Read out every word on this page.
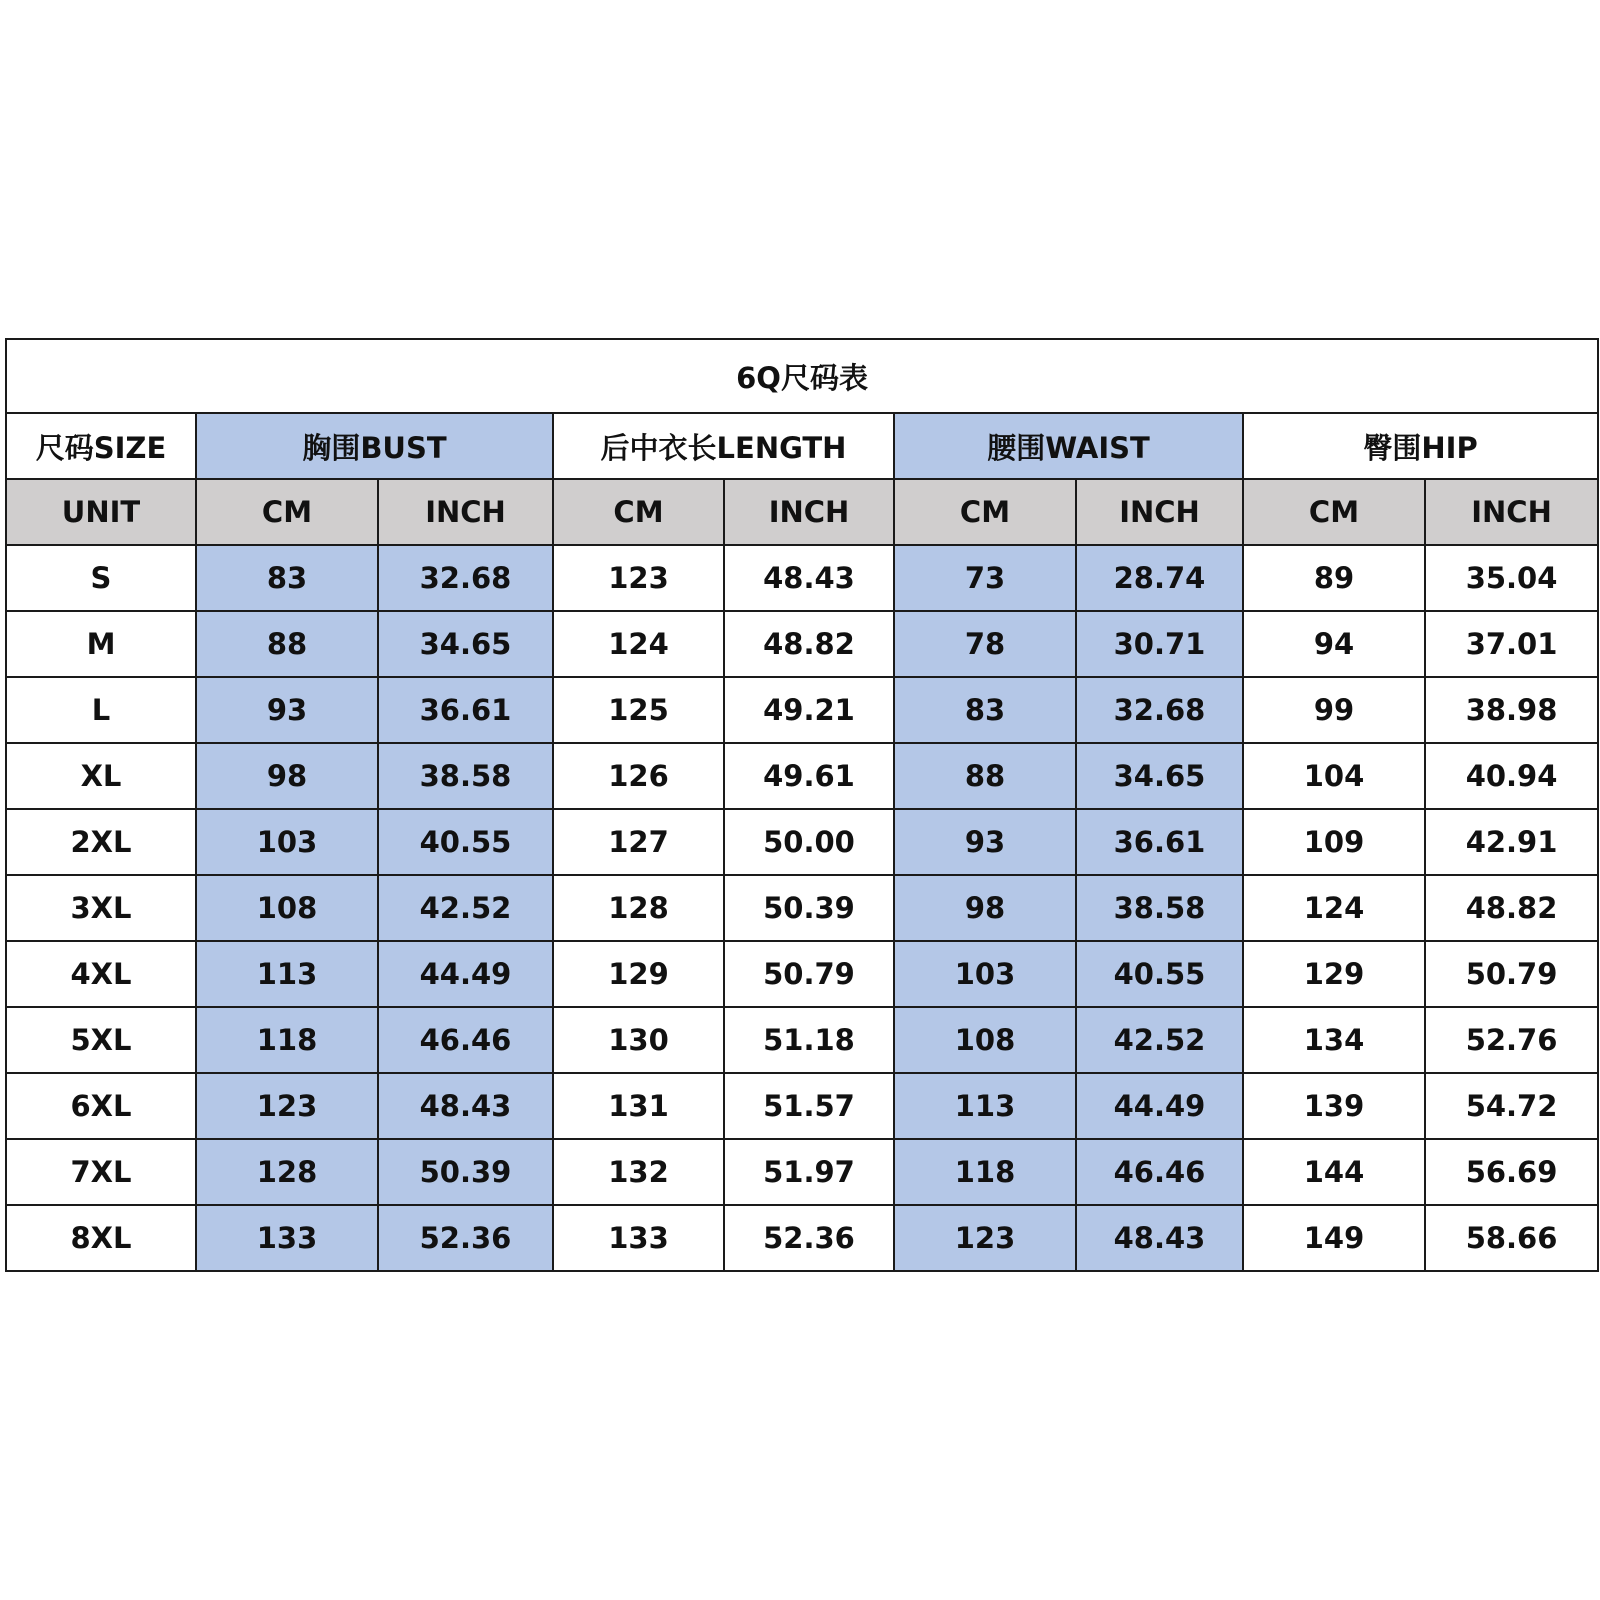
6Q尺码表								
尺码SIZE	胸围BUST		后中衣长LENGTH		腰围WAIST		臀围HIP	
UNIT	CM	INCH	CM	INCH	CM	INCH	CM	INCH
S	83	32.68	123	48.43	73	28.74	89	35.04
M	88	34.65	124	48.82	78	30.71	94	37.01
L	93	36.61	125	49.21	83	32.68	99	38.98
XL	98	38.58	126	49.61	88	34.65	104	40.94
2XL	103	40.55	127	50.00	93	36.61	109	42.91
3XL	108	42.52	128	50.39	98	38.58	124	48.82
4XL	113	44.49	129	50.79	103	40.55	129	50.79
5XL	118	46.46	130	51.18	108	42.52	134	52.76
6XL	123	48.43	131	51.57	113	44.49	139	54.72
7XL	128	50.39	132	51.97	118	46.46	144	56.69
8XL	133	52.36	133	52.36	123	48.43	149	58.66
